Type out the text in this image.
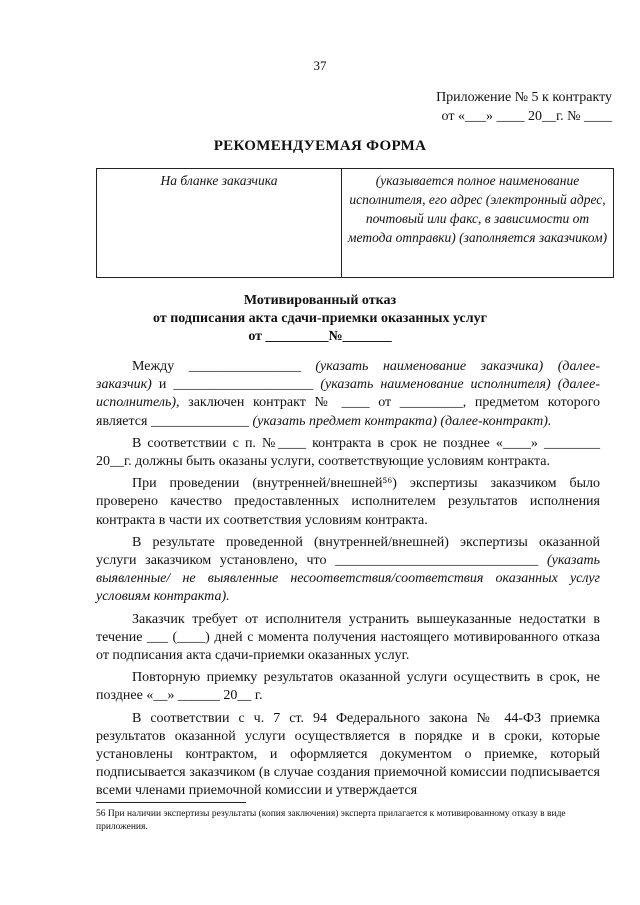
37
Приложение № 5 к контракту
от «___» ____ 20__г. № ____
РЕКОМЕНДУЕМАЯ ФОРМА
На бланке заказчика	(указывается полное наименование исполнителя, его адрес (электронный адрес, почтовый или факс, в зависимости от метода отправки) (заполняется заказчиком)
Мотивированный отказ
от подписания акта сдачи-приемки оказанных услуг
от _________№_______

Между ________________ (указать наименование заказчика) (далее-заказчик) и ____________________ (указать наименование исполнителя) (далее-исполнитель), заключен контракт № ____ от _________, предметом которого является ______________ (указать предмет контракта) (далее-контракт).

В соответствии с п. №____ контракта в срок не позднее «____» ________ 20__г. должны быть оказаны услуги, соответствующие условиям контракта.

При проведении (внутренней/внешней⁵⁶) экспертизы заказчиком было проверено качество предоставленных исполнителем результатов исполнения контракта в части их соответствия условиям контракта.

В результате проведенной (внутренней/внешней) экспертизы оказанной услуги заказчиком установлено, что _____________________________ (указать выявленные/ не выявленные несоответствия/соответствия оказанных услуг условиям контракта).

Заказчик требует от исполнителя устранить вышеуказанные недостатки в течение ___ (____) дней с момента получения настоящего мотивированного отказа от подписания акта сдачи-приемки оказанных услуг.

Повторную приемку результатов оказанной услуги осуществить в срок, не позднее «__» ______ 20__ г.

В соответствии с ч. 7 ст. 94 Федерального закона № 44-ФЗ приемка результатов оказанной услуги осуществляется в порядке и в сроки, которые установлены контрактом, и оформляется документом о приемке, который подписывается заказчиком (в случае создания приемочной комиссии подписывается всеми членами приемочной комиссии и утверждается

56 При наличии экспертизы результаты (копия заключения) эксперта прилагается к мотивированному отказу в виде приложения.
